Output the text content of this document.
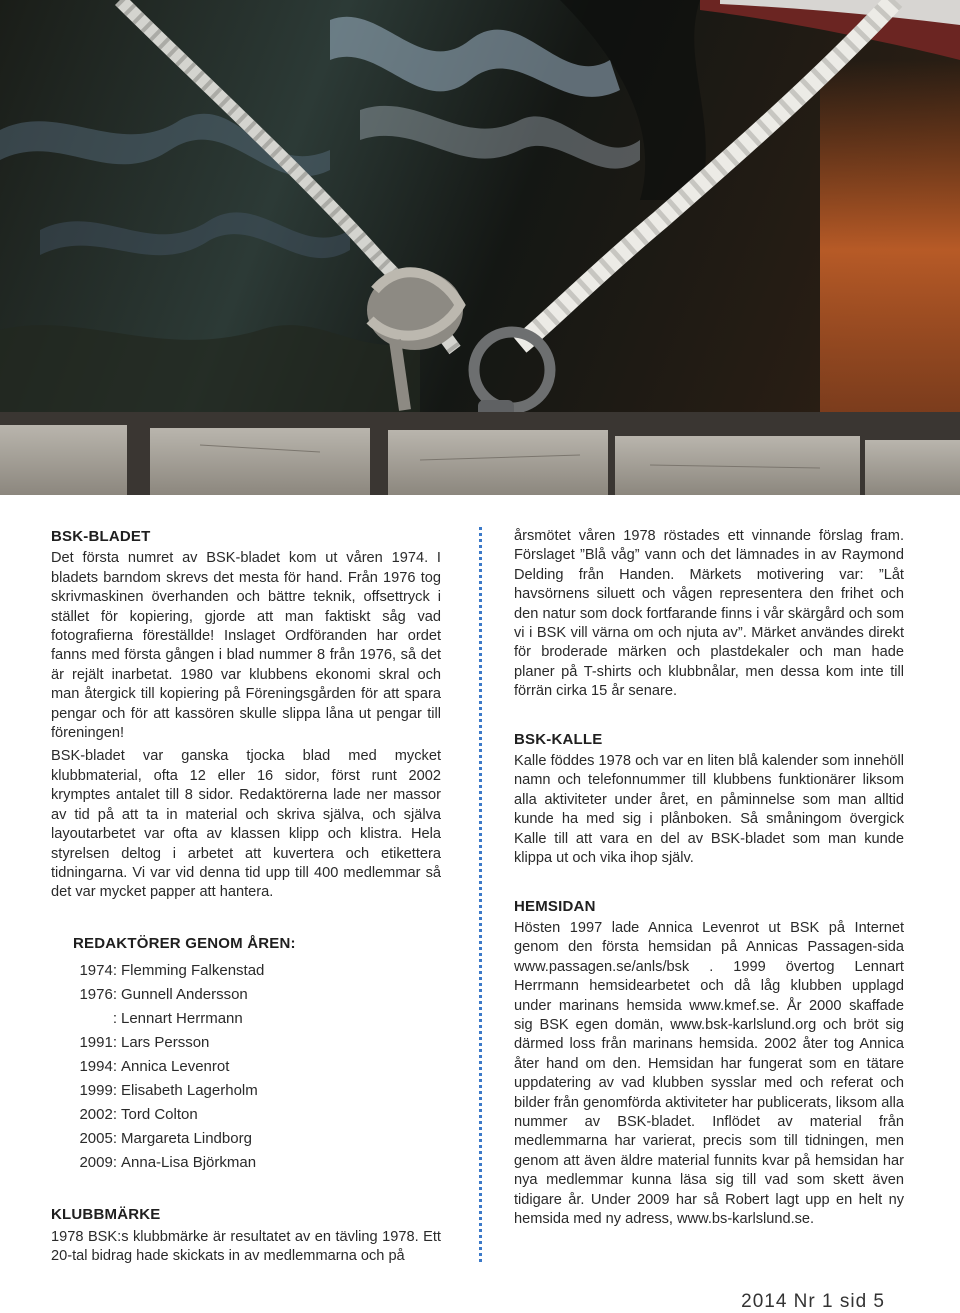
BSK-BLADET

Det första numret av BSK-bladet kom ut våren 1974. I bladets barndom skrevs det mesta för hand. Från 1976 tog skrivmaskinen överhanden och bättre teknik, offsettryck i stället för kopiering, gjorde att man faktiskt såg vad fotografierna föreställde! Inslaget Ordföranden har ordet fanns med första gången i blad nummer 8 från 1976, så det är rejält inarbetat. 1980 var klubbens ekonomi skral och man återgick till kopiering på Föreningsgården för att spara pengar och för att kassören skulle slippa låna ut pengar till föreningen!

BSK-bladet var ganska tjocka blad med mycket klubbmaterial, ofta 12 eller 16 sidor, först runt 2002 krymptes antalet till 8 sidor. Redaktörerna lade ner massor av tid på att ta in material och skriva själva, och själva layoutarbetet var ofta av klassen klipp och klistra. Hela styrelsen deltog i arbetet att kuvertera och etikettera tidningarna. Vi var vid denna tid upp till 400 medlemmar så det var mycket papper att hantera.

REDAKTÖRER GENOM ÅREN:
1974: Flemming Falkenstad
1976: Gunnell Andersson
: Lennart Herrmann
1991: Lars Persson
1994: Annica Levenrot
1999: Elisabeth Lagerholm
2002: Tord Colton
2005: Margareta Lindborg
2009: Anna-Lisa Björkman
KLUBBMÄRKE

1978 BSK:s klubbmärke är resultatet av en tävling 1978. Ett 20-tal bidrag hade skickats in av medlemmarna och på

årsmötet våren 1978 röstades ett vinnande förslag fram. Förslaget ”Blå våg” vann och det lämnades in av Raymond Delding från Handen. Märkets motivering var: ”Låt havsörnens siluett och vågen representera den frihet och den natur som dock fortfarande finns i vår skärgård och som vi i BSK vill värna om och njuta av”. Märket användes direkt för broderade märken och plastdekaler och man hade planer på T-shirts och klubbnålar, men dessa kom inte till förrän cirka 15 år senare.

BSK-KALLE

Kalle föddes 1978 och var en liten blå kalender som innehöll namn och telefonnummer till klubbens funktionärer liksom alla aktiviteter under året, en påminnelse som man alltid kunde ha med sig i plånboken. Så småningom övergick Kalle till att vara en del av BSK-bladet som man kunde klippa ut och vika ihop själv.

HEMSIDAN

Hösten 1997 lade Annica Levenrot ut BSK på Internet genom den första hemsidan på Annicas Passagen-sida www.passagen.se/anls/bsk . 1999 övertog Lennart Herrmann hemsidearbetet och då låg klubben upplagd under marinans hemsida www.kmef.se. År 2000 skaffade sig BSK egen domän, www.bsk-karlslund.org och bröt sig därmed loss från marinans hemsida. 2002 åter tog Annica åter hand om den. Hemsidan har fungerat som en tätare uppdatering av vad klubben sysslar med och referat och bilder från genomförda aktiviteter har publicerats, liksom alla nummer av BSK-bladet. Inflödet av material från medlemmarna har varierat, precis som till tidningen, men genom att även äldre material funnits kvar på hemsidan har nya medlemmar kunna läsa sig till vad som skett även tidigare år. Under 2009 har så Robert lagt upp en helt ny hemsida med ny adress, www.bs-karlslund.se.

2014 Nr 1 sid 5
